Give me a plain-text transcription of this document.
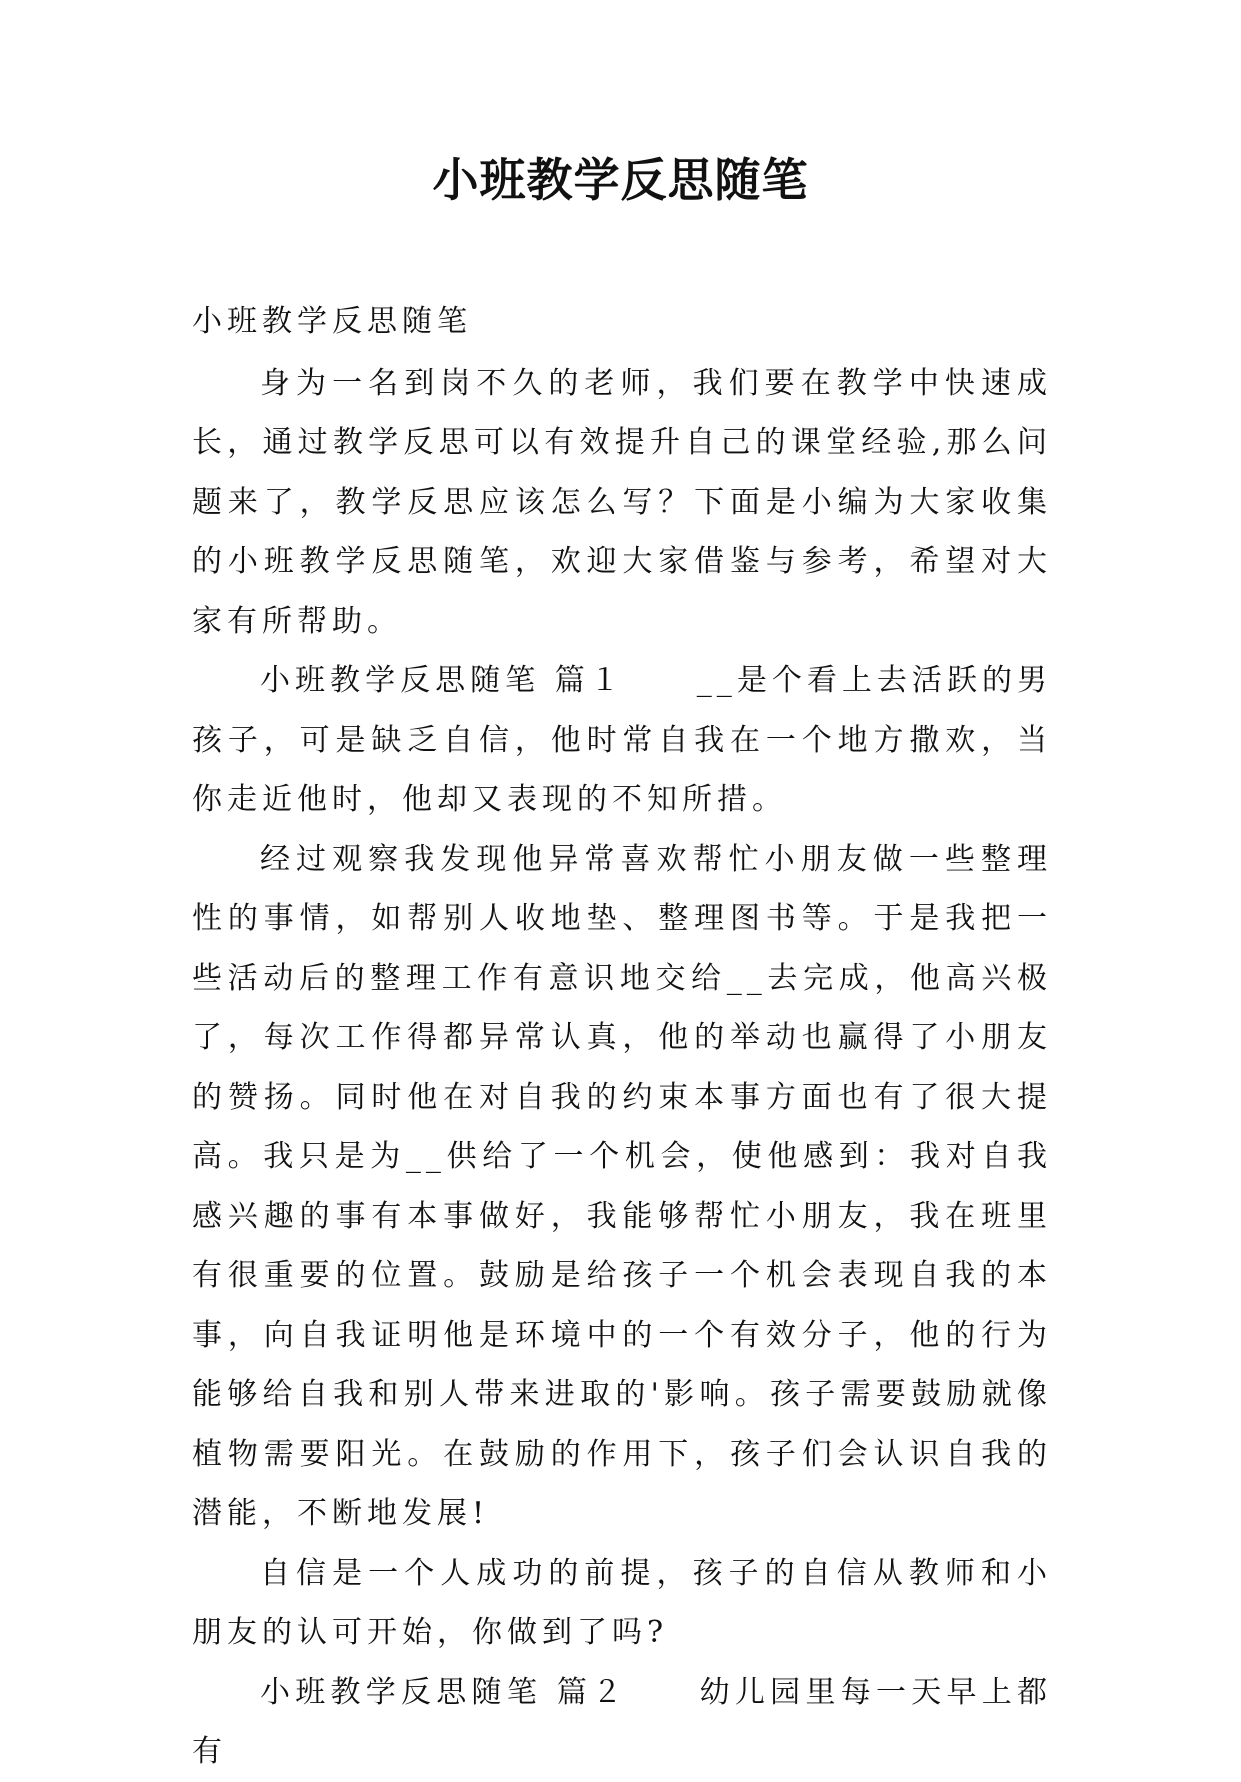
小班教学反思随笔

小班教学反思随笔

身为一名到岗不久的老师，我们要在教学中快速成长，通过教学反思可以有效提升自己的课堂经验,那么问题来了，教学反思应该怎么写？下面是小编为大家收集的小班教学反思随笔，欢迎大家借鉴与参考，希望对大家有所帮助。

小班教学反思随笔 篇１ __是个看上去活跃的男孩子，可是缺乏自信，他时常自我在一个地方撒欢，当你走近他时，他却又表现的不知所措。

经过观察我发现他异常喜欢帮忙小朋友做一些整理性的事情，如帮别人收地垫、整理图书等。于是我把一些活动后的整理工作有意识地交给__去完成，他高兴极了，每次工作得都异常认真，他的举动也赢得了小朋友的赞扬。同时他在对自我的约束本事方面也有了很大提高。我只是为__供给了一个机会，使他感到：我对自我感兴趣的事有本事做好，我能够帮忙小朋友，我在班里有很重要的位置。鼓励是给孩子一个机会表现自我的本事，向自我证明他是环境中的一个有效分子，他的行为能够给自我和别人带来进取的'影响。孩子需要鼓励就像植物需要阳光。在鼓励的作用下，孩子们会认识自我的潜能，不断地发展!

自信是一个人成功的前提，孩子的自信从教师和小朋友的认可开始，你做到了吗?

小班教学反思随笔 篇２ 幼儿园里每一天早上都有
